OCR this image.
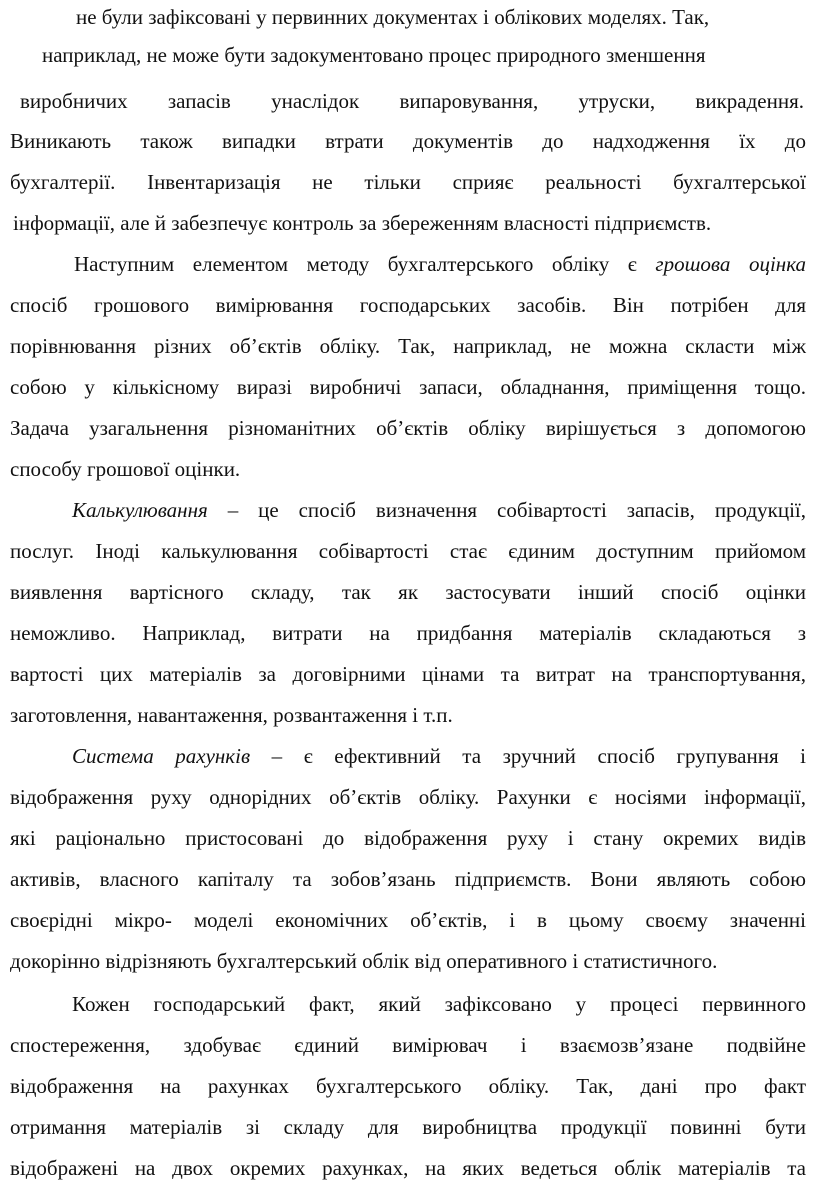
не були зафіксовані у первинних документах і облікових моделях. Так,
наприклад, не може бути задокументовано процес природного зменшення
виробничих запасів унаслідок випаровування, утруски, викрадення.
Виникають також випадки втрати документів до надходження їх до
бухгалтерії. Інвентаризація не тільки сприяє реальності бухгалтерської
інформації, але й забезпечує контроль за збереженням власності підприємств.
Наступним елементом методу бухгалтерського обліку є грошова оцінка
спосіб грошового вимірювання господарських засобів. Він потрібен для
порівнювання різних об’єктів обліку. Так, наприклад, не можна скласти між
собою у кількісному виразі виробничі запаси, обладнання, приміщення тощо.
Задача узагальнення різноманітних об’єктів обліку вирішується з допомогою
способу грошової оцінки.
Калькулювання – це спосіб визначення собівартості запасів, продукції,
послуг. Іноді калькулювання собівартості стає єдиним доступним прийомом
виявлення вартісного складу, так як застосувати інший спосіб оцінки
неможливо. Наприклад, витрати на придбання матеріалів складаються з
вартості цих матеріалів за договірними цінами та витрат на транспортування,
заготовлення, навантаження, розвантаження і т.п.
Система рахунків – є ефективний та зручний спосіб групування і
відображення руху однорідних об’єктів обліку. Рахунки є носіями інформації,
які раціонально пристосовані до відображення руху і стану окремих видів
активів, власного капіталу та зобов’язань підприємств. Вони являють собою
своєрідні мікро- моделі економічних об’єктів, і в цьому своєму значенні
докорінно відрізняють бухгалтерський облік від оперативного і статистичного.
Кожен господарський факт, який зафіксовано у процесі первинного
спостереження, здобуває єдиний вимірювач і взаємозв’язане подвійне
відображення на рахунках бухгалтерського обліку. Так, дані про факт
отримання матеріалів зі складу для виробництва продукції повинні бути
відображені на двох окремих рахунках, на яких ведеться облік матеріалів та
